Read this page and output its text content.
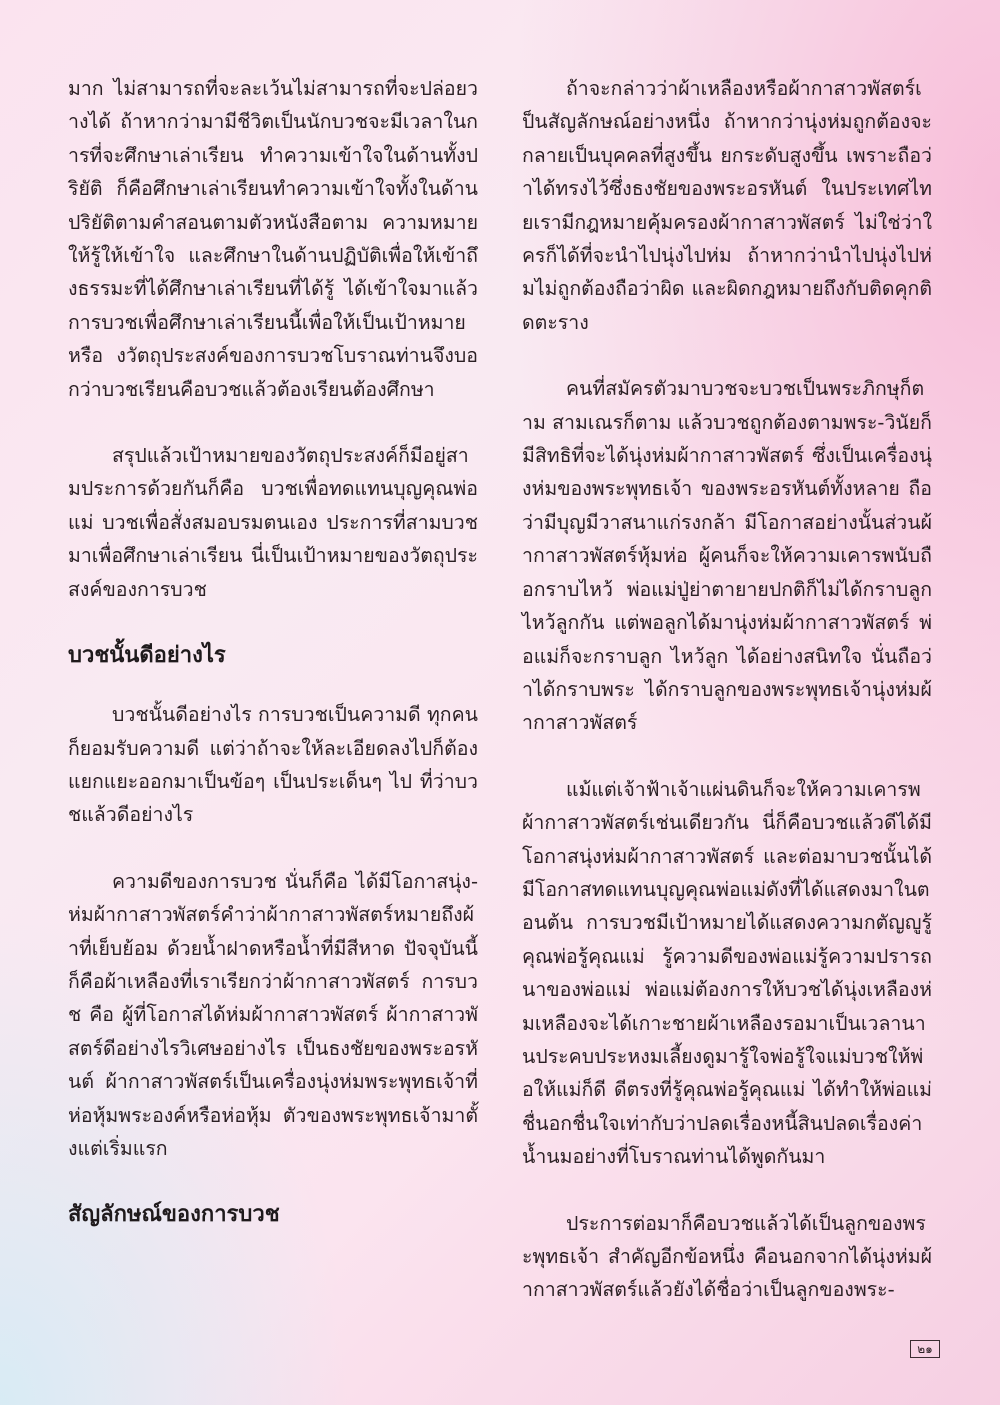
มาก ไม่สามารถที่จะละเว้นไม่สามารถที่จะปล่อยวางได้ ถ้าหากว่ามามีชีวิตเป็นนักบวชจะมีเวลาในการที่จะศึกษาเล่าเรียน ทำความเข้าใจในด้านทั้งปริยัติ ก็คือศึกษาเล่าเรียนทำความเข้าใจทั้งในด้านปริยัติตามคำสอนตามตัวหนังสือตาม ความหมายให้รู้ให้เข้าใจ และศึกษาในด้านปฏิบัติเพื่อให้เข้าถึงธรรมะที่ได้ศึกษาเล่าเรียนที่ได้รู้ ได้เข้าใจมาแล้วการบวชเพื่อศึกษาเล่าเรียนนี้เพื่อให้เป็นเป้าหมายหรือ งวัตถุประสงค์ของการบวชโบราณท่านจึงบอกว่าบวชเรียนคือบวชแล้วต้องเรียนต้องศึกษา

สรุปแล้วเป้าหมายของวัตถุประสงค์ก็มีอยู่สามประการด้วยกันก็คือ บวชเพื่อทดแทนบุญคุณพ่อแม่ บวชเพื่อสั่งสมอบรมตนเอง ประการที่สามบวชมาเพื่อศึกษาเล่าเรียน นี่เป็นเป้าหมายของวัตถุประสงค์ของการบวช

บวชนั้นดีอย่างไร

บวชนั้นดีอย่างไร การบวชเป็นความดี ทุกคนก็ยอมรับความดี แต่ว่าถ้าจะให้ละเอียดลงไปก็ต้องแยกแยะออกมาเป็นข้อๆ เป็นประเด็นๆ ไป ที่ว่าบวชแล้วดีอย่างไร

ความดีของการบวช นั่นก็คือ ได้มีโอกาสนุ่ง-ห่มผ้ากาสาวพัสตร์คำว่าผ้ากาสาวพัสตร์หมายถึงผ้าที่เย็บย้อม ด้วยน้ำฝาดหรือน้ำที่มีสีหาด ปัจจุบันนี้ก็คือผ้าเหลืองที่เราเรียกว่าผ้ากาสาวพัสตร์ การบวช คือ ผู้ที่โอกาสได้ห่มผ้ากาสาวพัสตร์ ผ้ากาสาวพัสตร์ดีอย่างไรวิเศษอย่างไร เป็นธงชัยของพระอรหันต์ ผ้ากาสาวพัสตร์เป็นเครื่องนุ่งห่มพระพุทธเจ้าที่ห่อหุ้มพระองค์หรือห่อหุ้ม ตัวของพระพุทธเจ้ามาตั้งแต่เริ่มแรก

สัญลักษณ์ของการบวช

ถ้าจะกล่าวว่าผ้าเหลืองหรือผ้ากาสาวพัสตร์เป็นสัญลักษณ์อย่างหนึ่ง ถ้าหากว่านุ่งห่มถูกต้องจะกลายเป็นบุคคลที่สูงขึ้น ยกระดับสูงขึ้น เพราะถือว่าได้ทรงไว้ซึ่งธงชัยของพระอรหันต์ ในประเทศไทยเรามีกฎหมายคุ้มครองผ้ากาสาวพัสตร์ ไม่ใช่ว่าใครก็ได้ที่จะนำไปนุ่งไปห่ม ถ้าหากว่านำไปนุ่งไปห่มไม่ถูกต้องถือว่าผิด และผิดกฎหมายถึงกับติดคุกติดตะราง

คนที่สมัครตัวมาบวชจะบวชเป็นพระภิกษุก็ตาม สามเณรก็ตาม แล้วบวชถูกต้องตามพระ-วินัยก็มีสิทธิที่จะได้นุ่งห่มผ้ากาสาวพัสตร์ ซึ่งเป็นเครื่องนุ่งห่มของพระพุทธเจ้า ของพระอรหันต์ทั้งหลาย ถือว่ามีบุญมีวาสนาแก่รงกล้า มีโอกาสอย่างนั้นส่วนผ้ากาสาวพัสตร์หุ้มห่อ ผู้คนก็จะให้ความเคารพนับถือกราบไหว้ พ่อแม่ปู่ย่าตายายปกติก็ไม่ได้กราบลูกไหว้ลูกกัน แต่พอลูกได้มานุ่งห่มผ้ากาสาวพัสตร์ พ่อแม่ก็จะกราบลูก ไหว้ลูก ได้อย่างสนิทใจ นั่นถือว่าได้กราบพระ ได้กราบลูกของพระพุทธเจ้านุ่งห่มผ้ากาสาวพัสตร์

แม้แต่เจ้าฟ้าเจ้าแผ่นดินก็จะให้ความเคารพผ้ากาสาวพัสตร์เช่นเดียวกัน นี่ก็คือบวชแล้วดีได้มีโอกาสนุ่งห่มผ้ากาสาวพัสตร์ และต่อมาบวชนั้นได้มีโอกาสทดแทนบุญคุณพ่อแม่ดังที่ได้แสดงมาในตอนต้น การบวชมีเป้าหมายได้แสดงความกตัญญูรู้คุณพ่อรู้คุณแม่ รู้ความดีของพ่อแม่รู้ความปรารถนาของพ่อแม่ พ่อแม่ต้องการให้บวชได้นุ่งเหลืองห่มเหลืองจะได้เกาะชายผ้าเหลืองรอมาเป็นเวลานานประคบประหงมเลี้ยงดูมารู้ใจพ่อรู้ใจแม่บวชให้พ่อให้แม่ก็ดี ดีตรงที่รู้คุณพ่อรู้คุณแม่ ได้ทำให้พ่อแม่ชื่นอกชื่นใจเท่ากับว่าปลดเรื่องหนี้สินปลดเรื่องค่าน้ำนมอย่างที่โบราณท่านได้พูดกันมา

ประการต่อมาก็คือบวชแล้วได้เป็นลูกของพระพุทธเจ้า สำคัญอีกข้อหนึ่ง คือนอกจากได้นุ่งห่มผ้ากาสาวพัสตร์แล้วยังได้ชื่อว่าเป็นลูกของพระ-

๒๑
